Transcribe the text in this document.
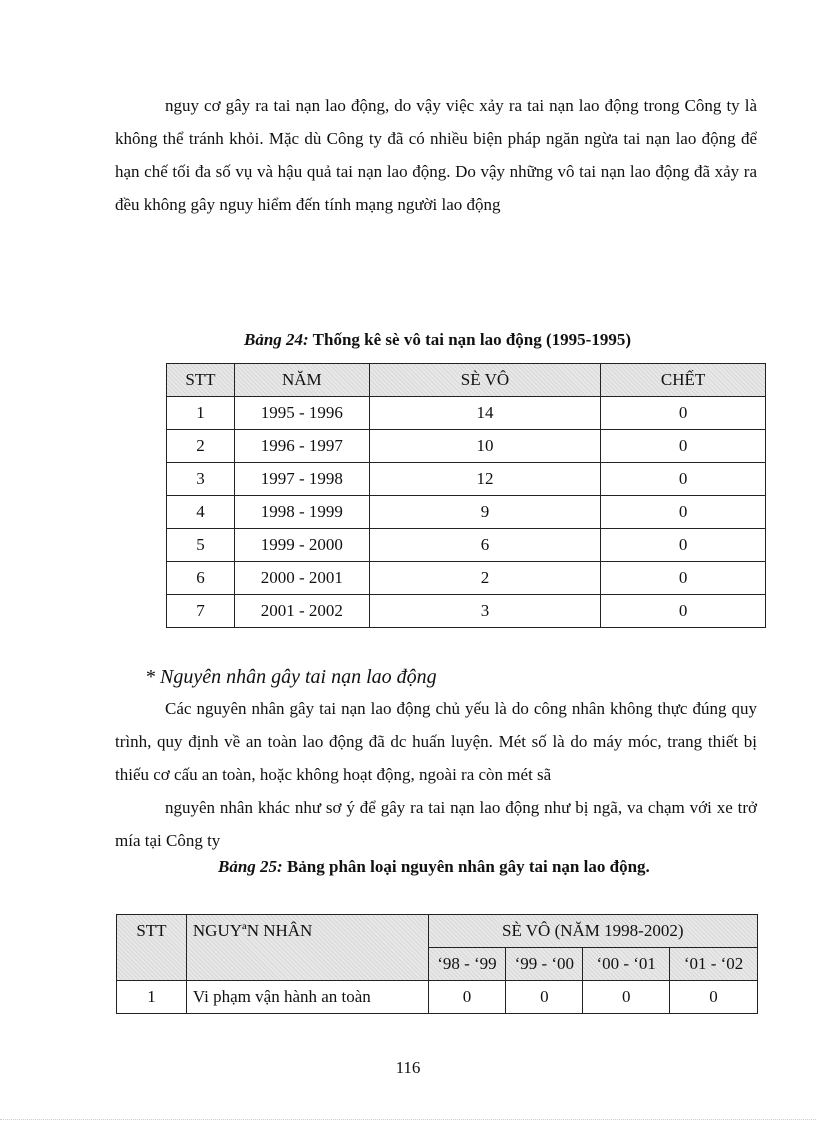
nguy cơ gây ra tai nạn lao động, do vậy việc xảy ra tai nạn lao động trong Công ty là không thể tránh khỏi. Mặc dù Công ty đã có nhiều biện pháp ngăn ngừa tai nạn lao động để hạn chế tối đa số vụ và hậu quả tai nạn lao động. Do vậy những vô tai nạn lao động đã xảy ra đều không gây nguy hiểm đến tính mạng người lao động

Bảng 24: Thống kê sè vô tai nạn lao động (1995-1995)
STT	NĂM	SÈ VÔ	CHẾT
1	1995 - 1996	14	0
2	1996 - 1997	10	0
3	1997 - 1998	12	0
4	1998 - 1999	9	0
5	1999 - 2000	6	0
6	2000 - 2001	2	0
7	2001 - 2002	3	0
* Nguyên nhân gây tai nạn lao động

Các nguyên nhân gây tai nạn lao động chủ yếu là do công nhân không thực đúng quy trình, quy định về an toàn lao động đã dc huấn luyện. Mét số là do máy móc, trang thiết bị thiếu cơ cấu an toàn, hoặc không hoạt động, ngoài ra còn mét sã

nguyên nhân khác như sơ ý để gây ra tai nạn lao động như bị ngã, va chạm với xe trở mía tại Công ty

Bảng 25: Bảng phân loại nguyên nhân gây tai nạn lao động.
STT	NGUYªN NHÂN	SÈ VÔ (NĂM 1998-2002)			
		‘98 - ‘99	‘99 - ‘00	‘00 - ‘01	‘01 - ‘02
1	Vi phạm vận hành an toàn	0	0	0	0
116
